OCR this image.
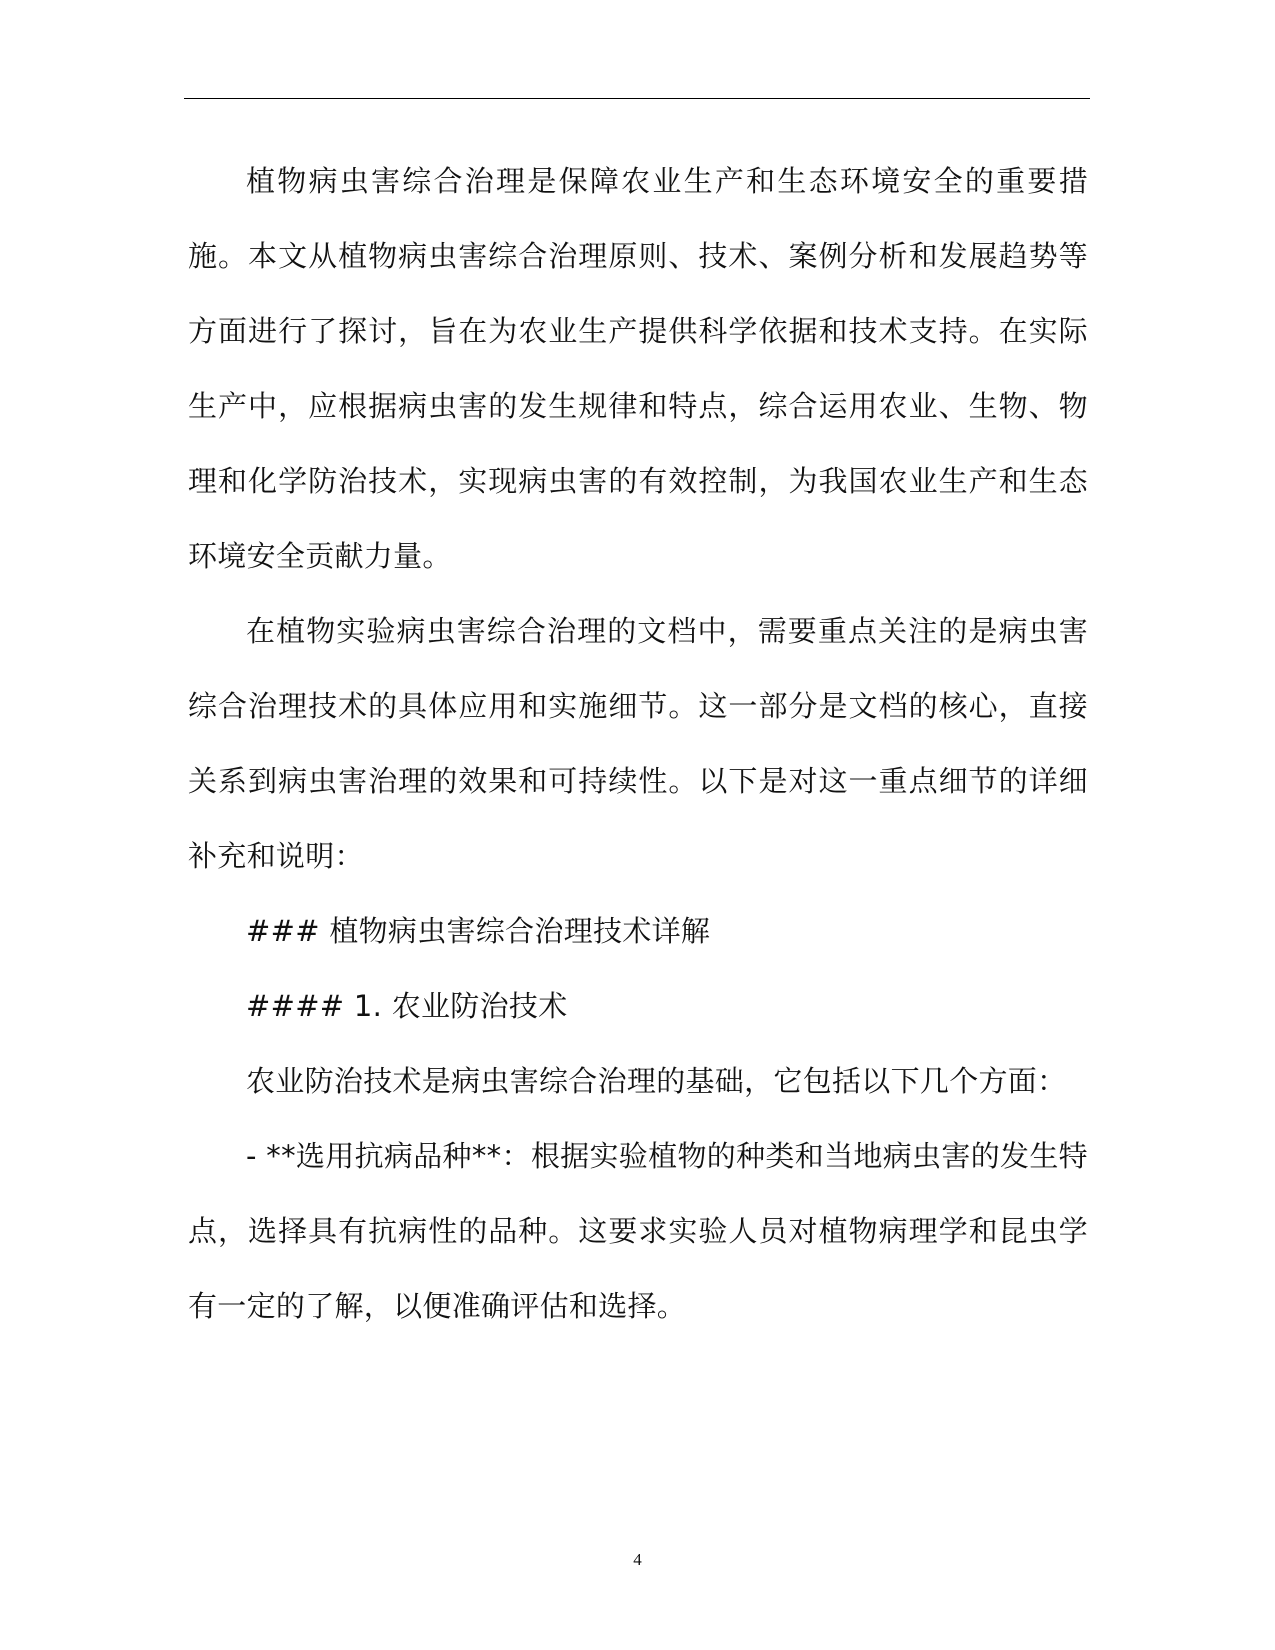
植物病虫害综合治理是保障农业生产和生态环境安全的重要措施。本文从植物病虫害综合治理原则、技术、案例分析和发展趋势等方面进行了探讨，旨在为农业生产提供科学依据和技术支持。在实际生产中，应根据病虫害的发生规律和特点，综合运用农业、生物、物理和化学防治技术，实现病虫害的有效控制，为我国农业生产和生态环境安全贡献力量。

在植物实验病虫害综合治理的文档中，需要重点关注的是病虫害综合治理技术的具体应用和实施细节。这一部分是文档的核心，直接关系到病虫害治理的效果和可持续性。以下是对这一重点细节的详细补充和说明：

### 植物病虫害综合治理技术详解

#### 1. 农业防治技术

农业防治技术是病虫害综合治理的基础，它包括以下几个方面：

- **选用抗病品种**：根据实验植物的种类和当地病虫害的发生特点，选择具有抗病性的品种。这要求实验人员对植物病理学和昆虫学有一定的了解，以便准确评估和选择。

4
